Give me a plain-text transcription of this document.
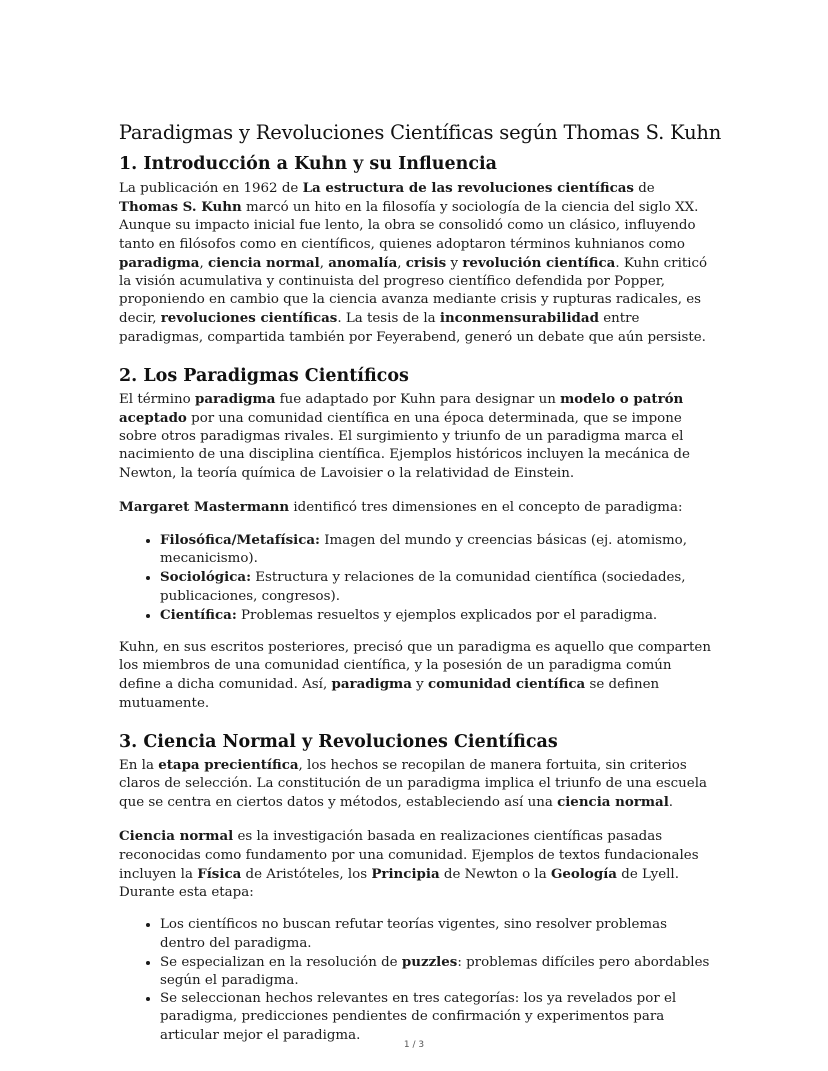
Paradigmas y Revoluciones Científicas según Thomas S. Kuhn
1. Introducción a Kuhn y su Influencia

La publicación en 1962 de La estructura de las revoluciones científicas de Thomas S. Kuhn marcó un hito en la filosofía y sociología de la ciencia del siglo XX. Aunque su impacto inicial fue lento, la obra se consolidó como un clásico, influyendo tanto en filósofos como en científicos, quienes adoptaron términos kuhnianos como paradigma, ciencia normal, anomalía, crisis y revolución científica. Kuhn criticó la visión acumulativa y continuista del progreso científico defendida por Popper, proponiendo en cambio que la ciencia avanza mediante crisis y rupturas radicales, es decir, revoluciones científicas. La tesis de la inconmensurabilidad entre paradigmas, compartida también por Feyerabend, generó un debate que aún persiste.

2. Los Paradigmas Científicos

El término paradigma fue adaptado por Kuhn para designar un modelo o patrón aceptado por una comunidad científica en una época determinada, que se impone sobre otros paradigmas rivales. El surgimiento y triunfo de un paradigma marca el nacimiento de una disciplina científica. Ejemplos históricos incluyen la mecánica de Newton, la teoría química de Lavoisier o la relatividad de Einstein.

Margaret Mastermann identificó tres dimensiones en el concepto de paradigma:

• Filosófica/Metafísica: Imagen del mundo y creencias básicas (ej. atomismo, mecanicismo).
• Sociológica: Estructura y relaciones de la comunidad científica (sociedades, publicaciones, congresos).
• Científica: Problemas resueltos y ejemplos explicados por el paradigma.

Kuhn, en sus escritos posteriores, precisó que un paradigma es aquello que comparten los miembros de una comunidad científica, y la posesión de un paradigma común define a dicha comunidad. Así, paradigma y comunidad científica se definen mutuamente.

3. Ciencia Normal y Revoluciones Científicas

En la etapa precientífica, los hechos se recopilan de manera fortuita, sin criterios claros de selección. La constitución de un paradigma implica el triunfo de una escuela que se centra en ciertos datos y métodos, estableciendo así una ciencia normal.

Ciencia normal es la investigación basada en realizaciones científicas pasadas reconocidas como fundamento por una comunidad. Ejemplos de textos fundacionales incluyen la Física de Aristóteles, los Principia de Newton o la Geología de Lyell. Durante esta etapa:

• Los científicos no buscan refutar teorías vigentes, sino resolver problemas dentro del paradigma.
• Se especializan en la resolución de puzzles: problemas difíciles pero abordables según el paradigma.
• Se seleccionan hechos relevantes en tres categorías: los ya revelados por el paradigma, predicciones pendientes de confirmación y experimentos para articular mejor el paradigma.
1 / 3
